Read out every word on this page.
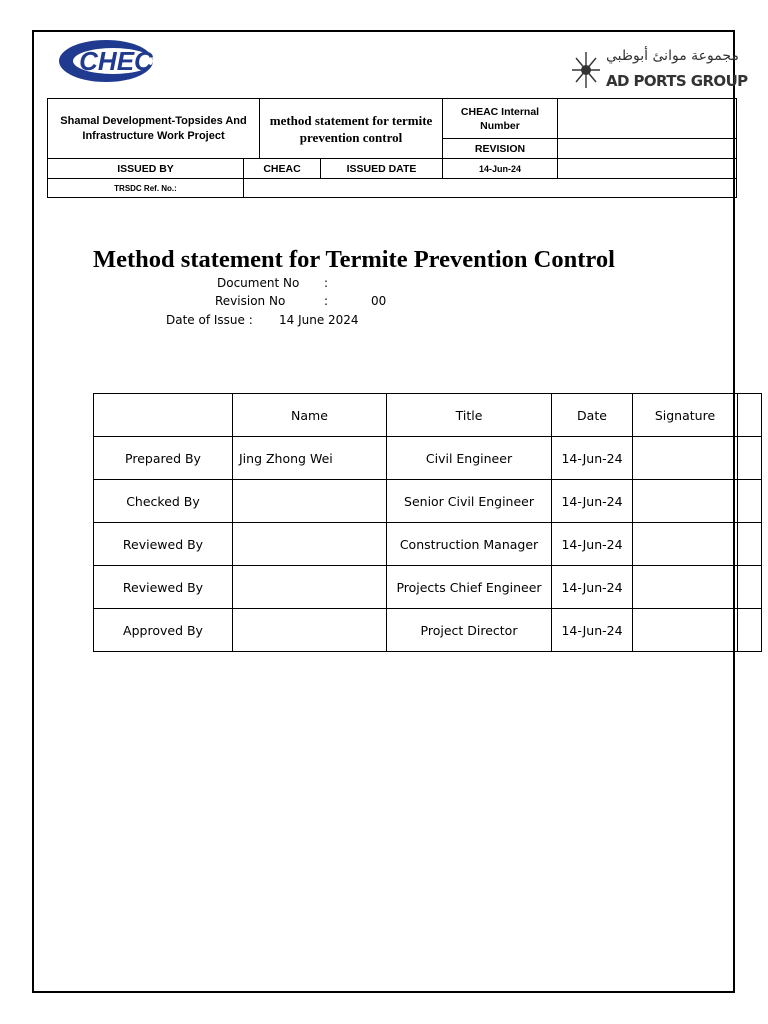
CHEC	مجموعة موانئ أبوظبي
AD PORTS GROUP
Shamal Development-Topsides And Infrastructure Work Project		method statement for termite prevention control		CHEAC Internal Number	
				REVISION	

ISSUED BY	CHEAC		ISSUED DATE	14-Jun-24	
TRSDC Ref. No.:					
Method statement for Termite Prevention Control
Document No :
Revision No	:	00
Date of Issue : 14 June 2024
	Name	Title	Date	Signature	
Prepared By	Jing Zhong Wei	Civil Engineer	14-Jun-24		
Checked By		Senior Civil Engineer	14-Jun-24		
Reviewed By		Construction Manager	14-Jun-24		
Reviewed By		Projects Chief Engineer	14-Jun-24		
Approved By		Project Director	14-Jun-24		
